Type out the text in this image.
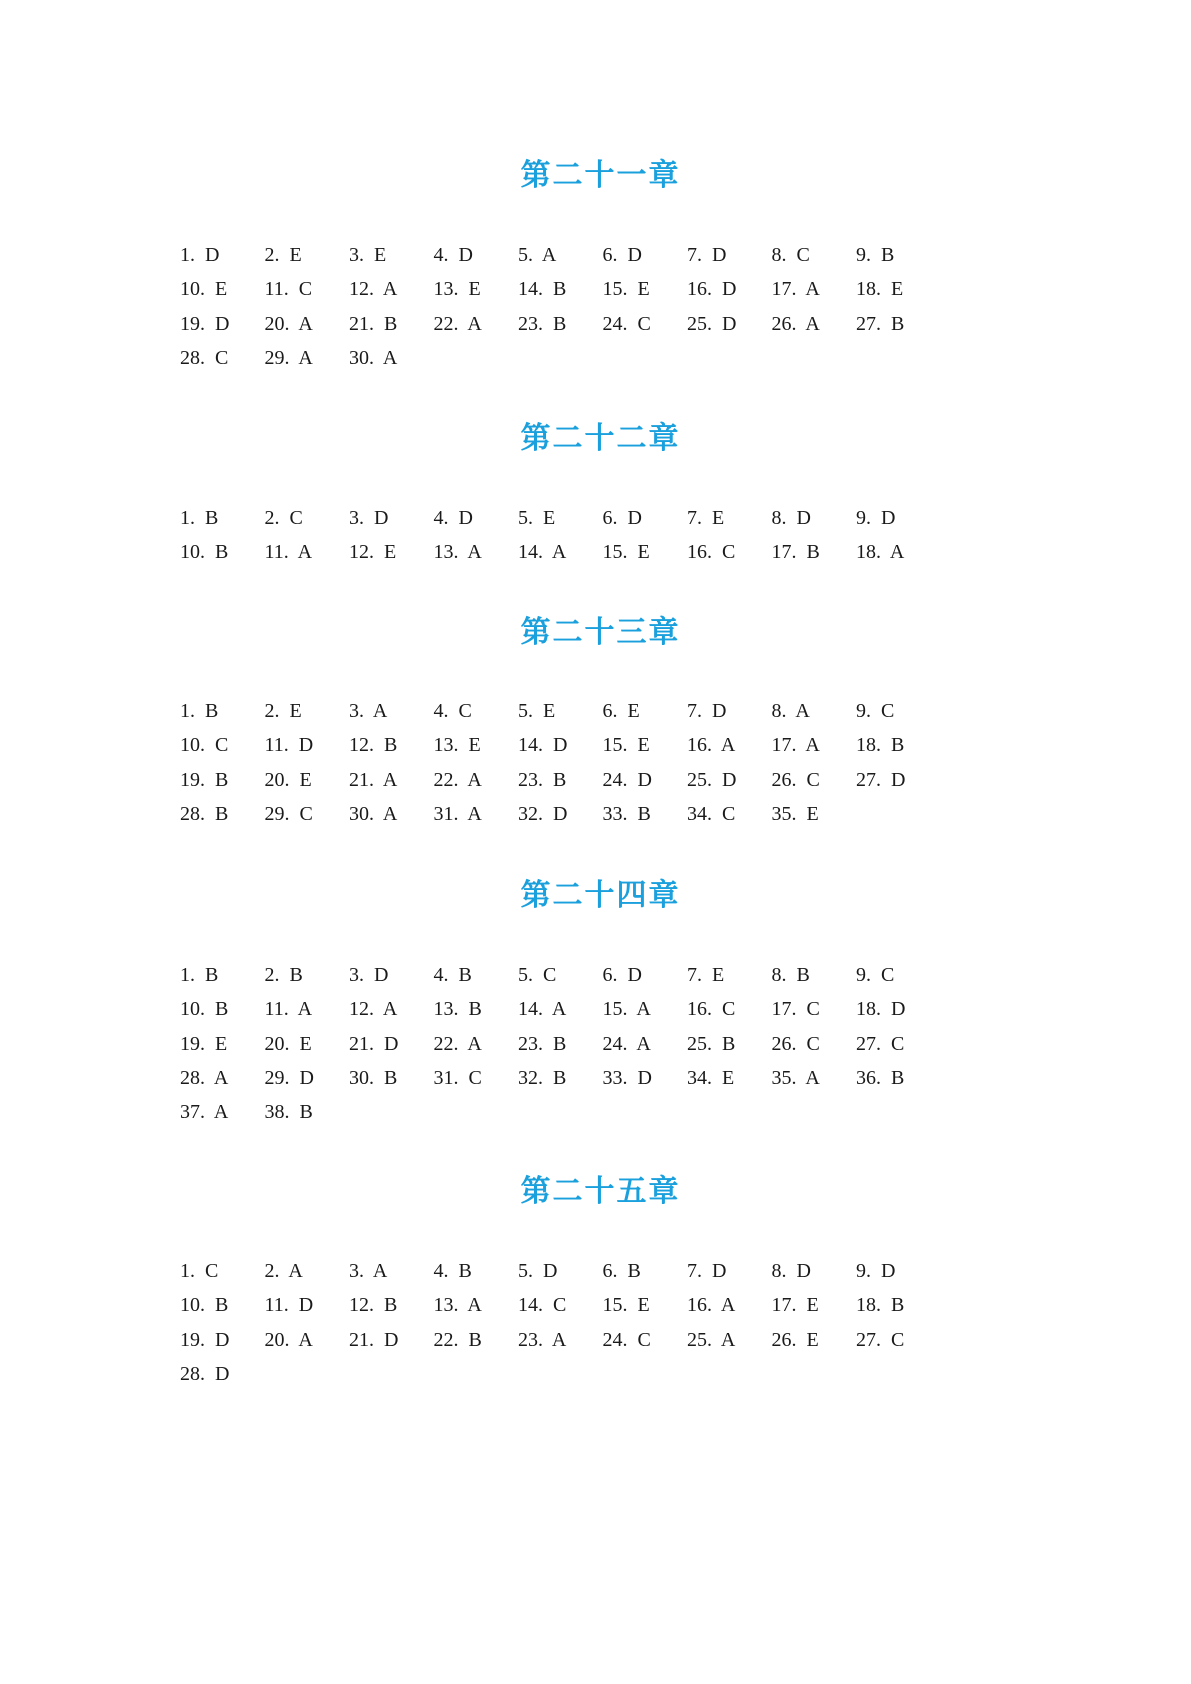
第二十一章
1. D	2. E	3. E	4. D	5. A	6. D	7. D	8. C	9. B
10. E	11. C	12. A	13. E	14. B	15. E	16. D	17. A	18. E
19. D	20. A	21. B	22. A	23. B	24. C	25. D	26. A	27. B
28. C	29. A	30. A
第二十二章
1. B	2. C	3. D	4. D	5. E	6. D	7. E	8. D	9. D
10. B	11. A	12. E	13. A	14. A	15. E	16. C	17. B	18. A
第二十三章
1. B	2. E	3. A	4. C	5. E	6. E	7. D	8. A	9. C
10. C	11. D	12. B	13. E	14. D	15. E	16. A	17. A	18. B
19. B	20. E	21. A	22. A	23. B	24. D	25. D	26. C	27. D
28. B	29. C	30. A	31. A	32. D	33. B	34. C	35. E
第二十四章
1. B	2. B	3. D	4. B	5. C	6. D	7. E	8. B	9. C
10. B	11. A	12. A	13. B	14. A	15. A	16. C	17. C	18. D
19. E	20. E	21. D	22. A	23. B	24. A	25. B	26. C	27. C
28. A	29. D	30. B	31. C	32. B	33. D	34. E	35. A	36. B
37. A	38. B
第二十五章
1. C	2. A	3. A	4. B	5. D	6. B	7. D	8. D	9. D
10. B	11. D	12. B	13. A	14. C	15. E	16. A	17. E	18. B
19. D	20. A	21. D	22. B	23. A	24. C	25. A	26. E	27. C
28. D
